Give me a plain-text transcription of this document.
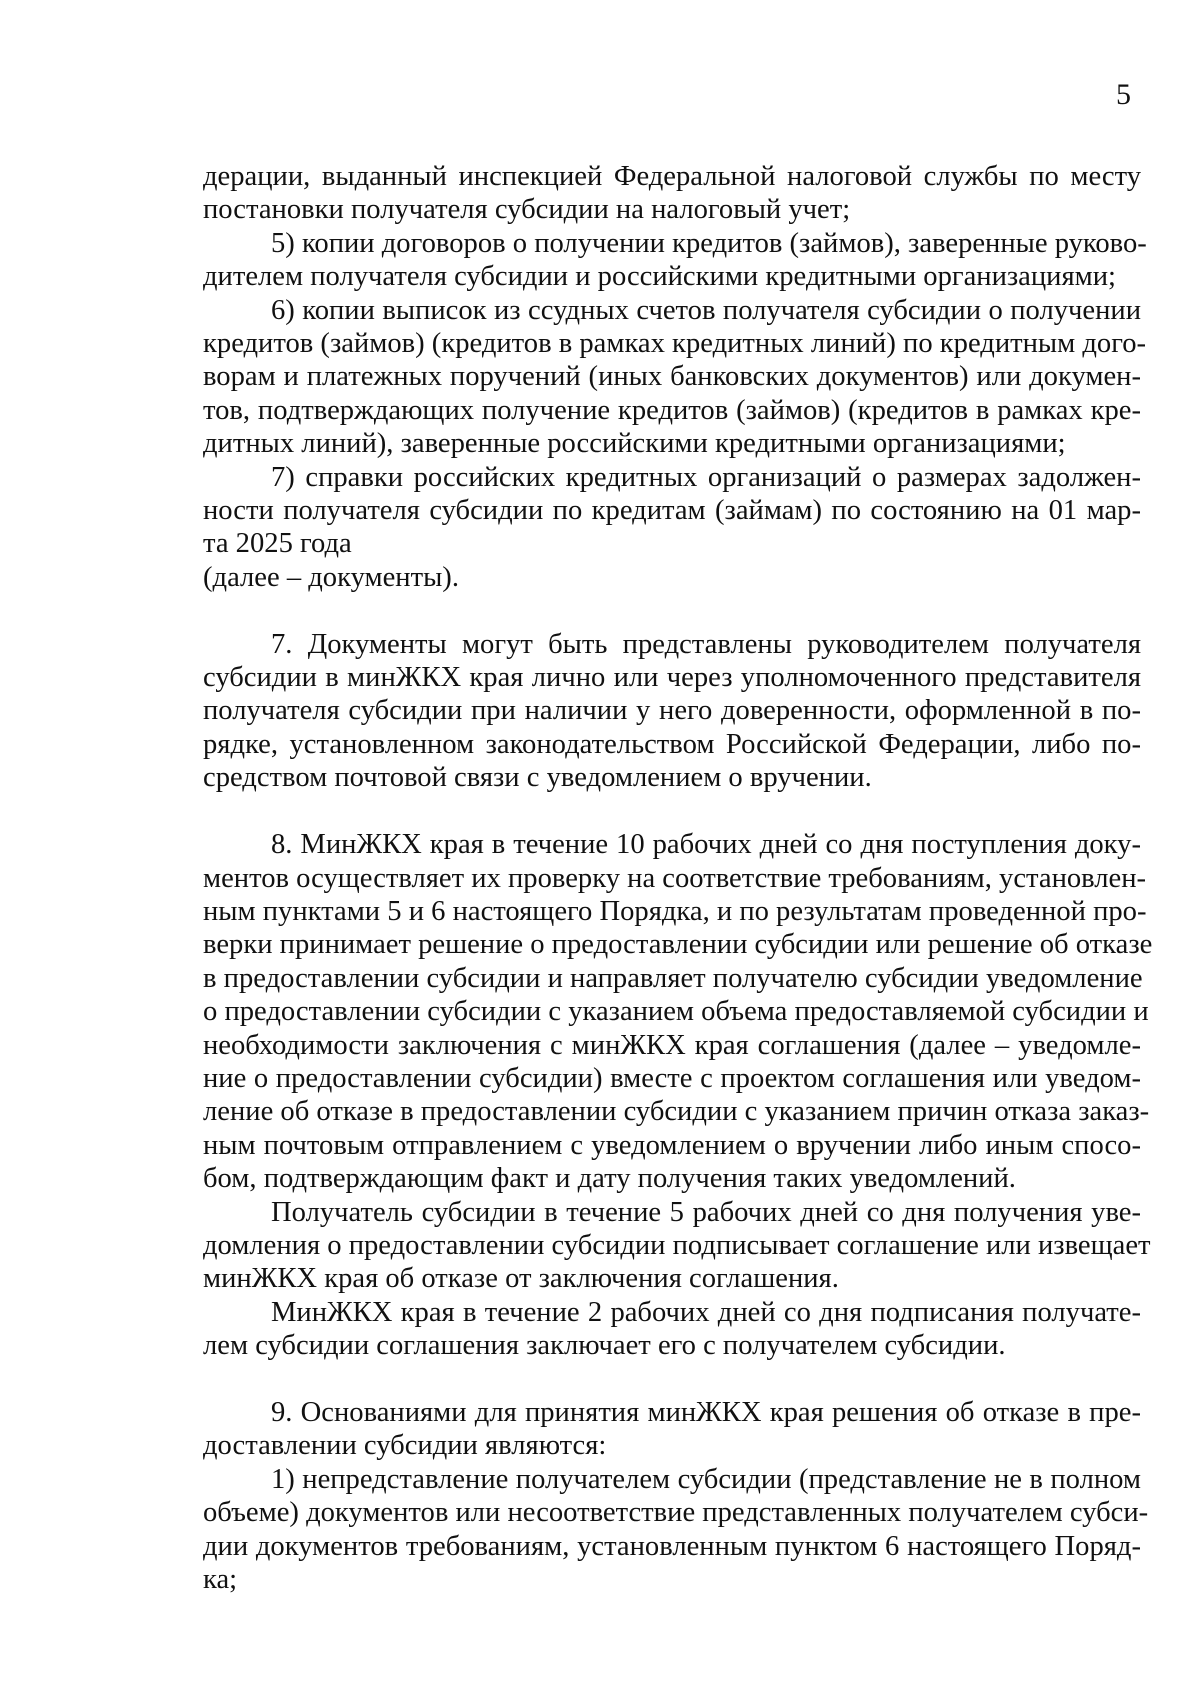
5
дерации, выданный инспекцией Федеральной налоговой службы по месту
постановки получателя субсидии на налоговый учет;
5) копии договоров о получении кредитов (займов), заверенные руково-
дителем получателя субсидии и российскими кредитными организациями;
6) копии выписок из ссудных счетов получателя субсидии о получении
кредитов (займов) (кредитов в рамках кредитных линий) по кредитным дого-
ворам и платежных поручений (иных банковских документов) или докумен-
тов, подтверждающих получение кредитов (займов) (кредитов в рамках кре-
дитных линий), заверенные российскими кредитными организациями;
7) справки российских кредитных организаций о размерах задолжен-
ности получателя субсидии по кредитам (займам) по состоянию на 01 мар-
та 2025 года
(далее – документы).
7. Документы могут быть представлены руководителем получателя
субсидии в минЖКХ края лично или через уполномоченного представителя
получателя субсидии при наличии у него доверенности, оформленной в по-
рядке, установленном законодательством Российской Федерации, либо по-
средством почтовой связи с уведомлением о вручении.
8. МинЖКХ края в течение 10 рабочих дней со дня поступления доку-
ментов осуществляет их проверку на соответствие требованиям, установлен-
ным пунктами 5 и 6 настоящего Порядка, и по результатам проведенной про-
верки принимает решение о предоставлении субсидии или решение об отказе
в предоставлении субсидии и направляет получателю субсидии уведомление
о предоставлении субсидии с указанием объема предоставляемой субсидии и
необходимости заключения с минЖКХ края соглашения (далее – уведомле-
ние о предоставлении субсидии) вместе с проектом соглашения или уведом-
ление об отказе в предоставлении субсидии с указанием причин отказа заказ-
ным почтовым отправлением с уведомлением о вручении либо иным спосо-
бом, подтверждающим факт и дату получения таких уведомлений.
Получатель субсидии в течение 5 рабочих дней со дня получения уве-
домления о предоставлении субсидии подписывает соглашение или извещает
минЖКХ края об отказе от заключения соглашения.
МинЖКХ края в течение 2 рабочих дней со дня подписания получате-
лем субсидии соглашения заключает его с получателем субсидии.
9. Основаниями для принятия минЖКХ края решения об отказе в пре-
доставлении субсидии являются:
1) непредставление получателем субсидии (представление не в полном
объеме) документов или несоответствие представленных получателем субси-
дии документов требованиям, установленным пунктом 6 настоящего Поряд-
ка;
